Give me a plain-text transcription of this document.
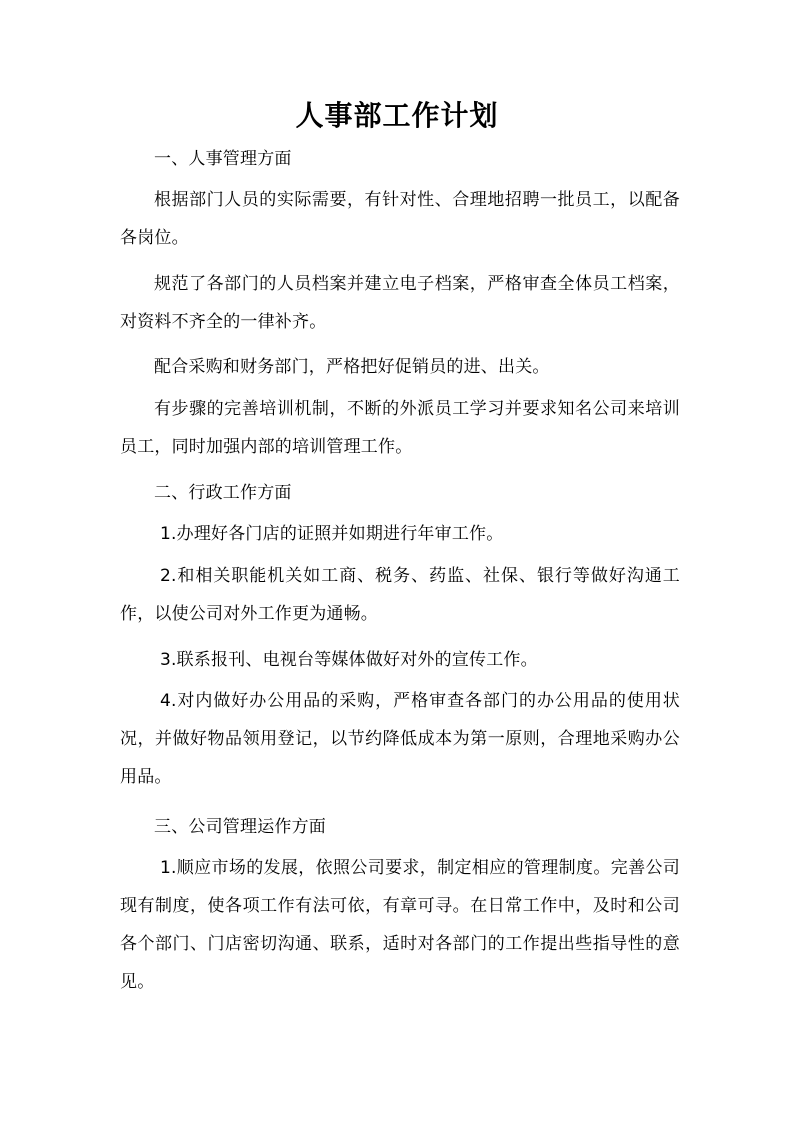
人事部工作计划

一、人事管理方面

根据部门人员的实际需要，有针对性、合理地招聘一批员工，以配备各岗位。

规范了各部门的人员档案并建立电子档案，严格审查全体员工档案，对资料不齐全的一律补齐。

配合采购和财务部门，严格把好促销员的进、出关。

有步骤的完善培训机制，不断的外派员工学习并要求知名公司来培训员工，同时加强内部的培训管理工作。

二、行政工作方面

1.办理好各门店的证照并如期进行年审工作。

2.和相关职能机关如工商、税务、药监、社保、银行等做好沟通工作，以使公司对外工作更为通畅。

3.联系报刊、电视台等媒体做好对外的宣传工作。

4.对内做好办公用品的采购，严格审查各部门的办公用品的使用状况，并做好物品领用登记，以节约降低成本为第一原则，合理地采购办公用品。

三、公司管理运作方面

1.顺应市场的发展，依照公司要求，制定相应的管理制度。完善公司现有制度，使各项工作有法可依，有章可寻。在日常工作中，及时和公司各个部门、门店密切沟通、联系，适时对各部门的工作提出些指导性的意见。
